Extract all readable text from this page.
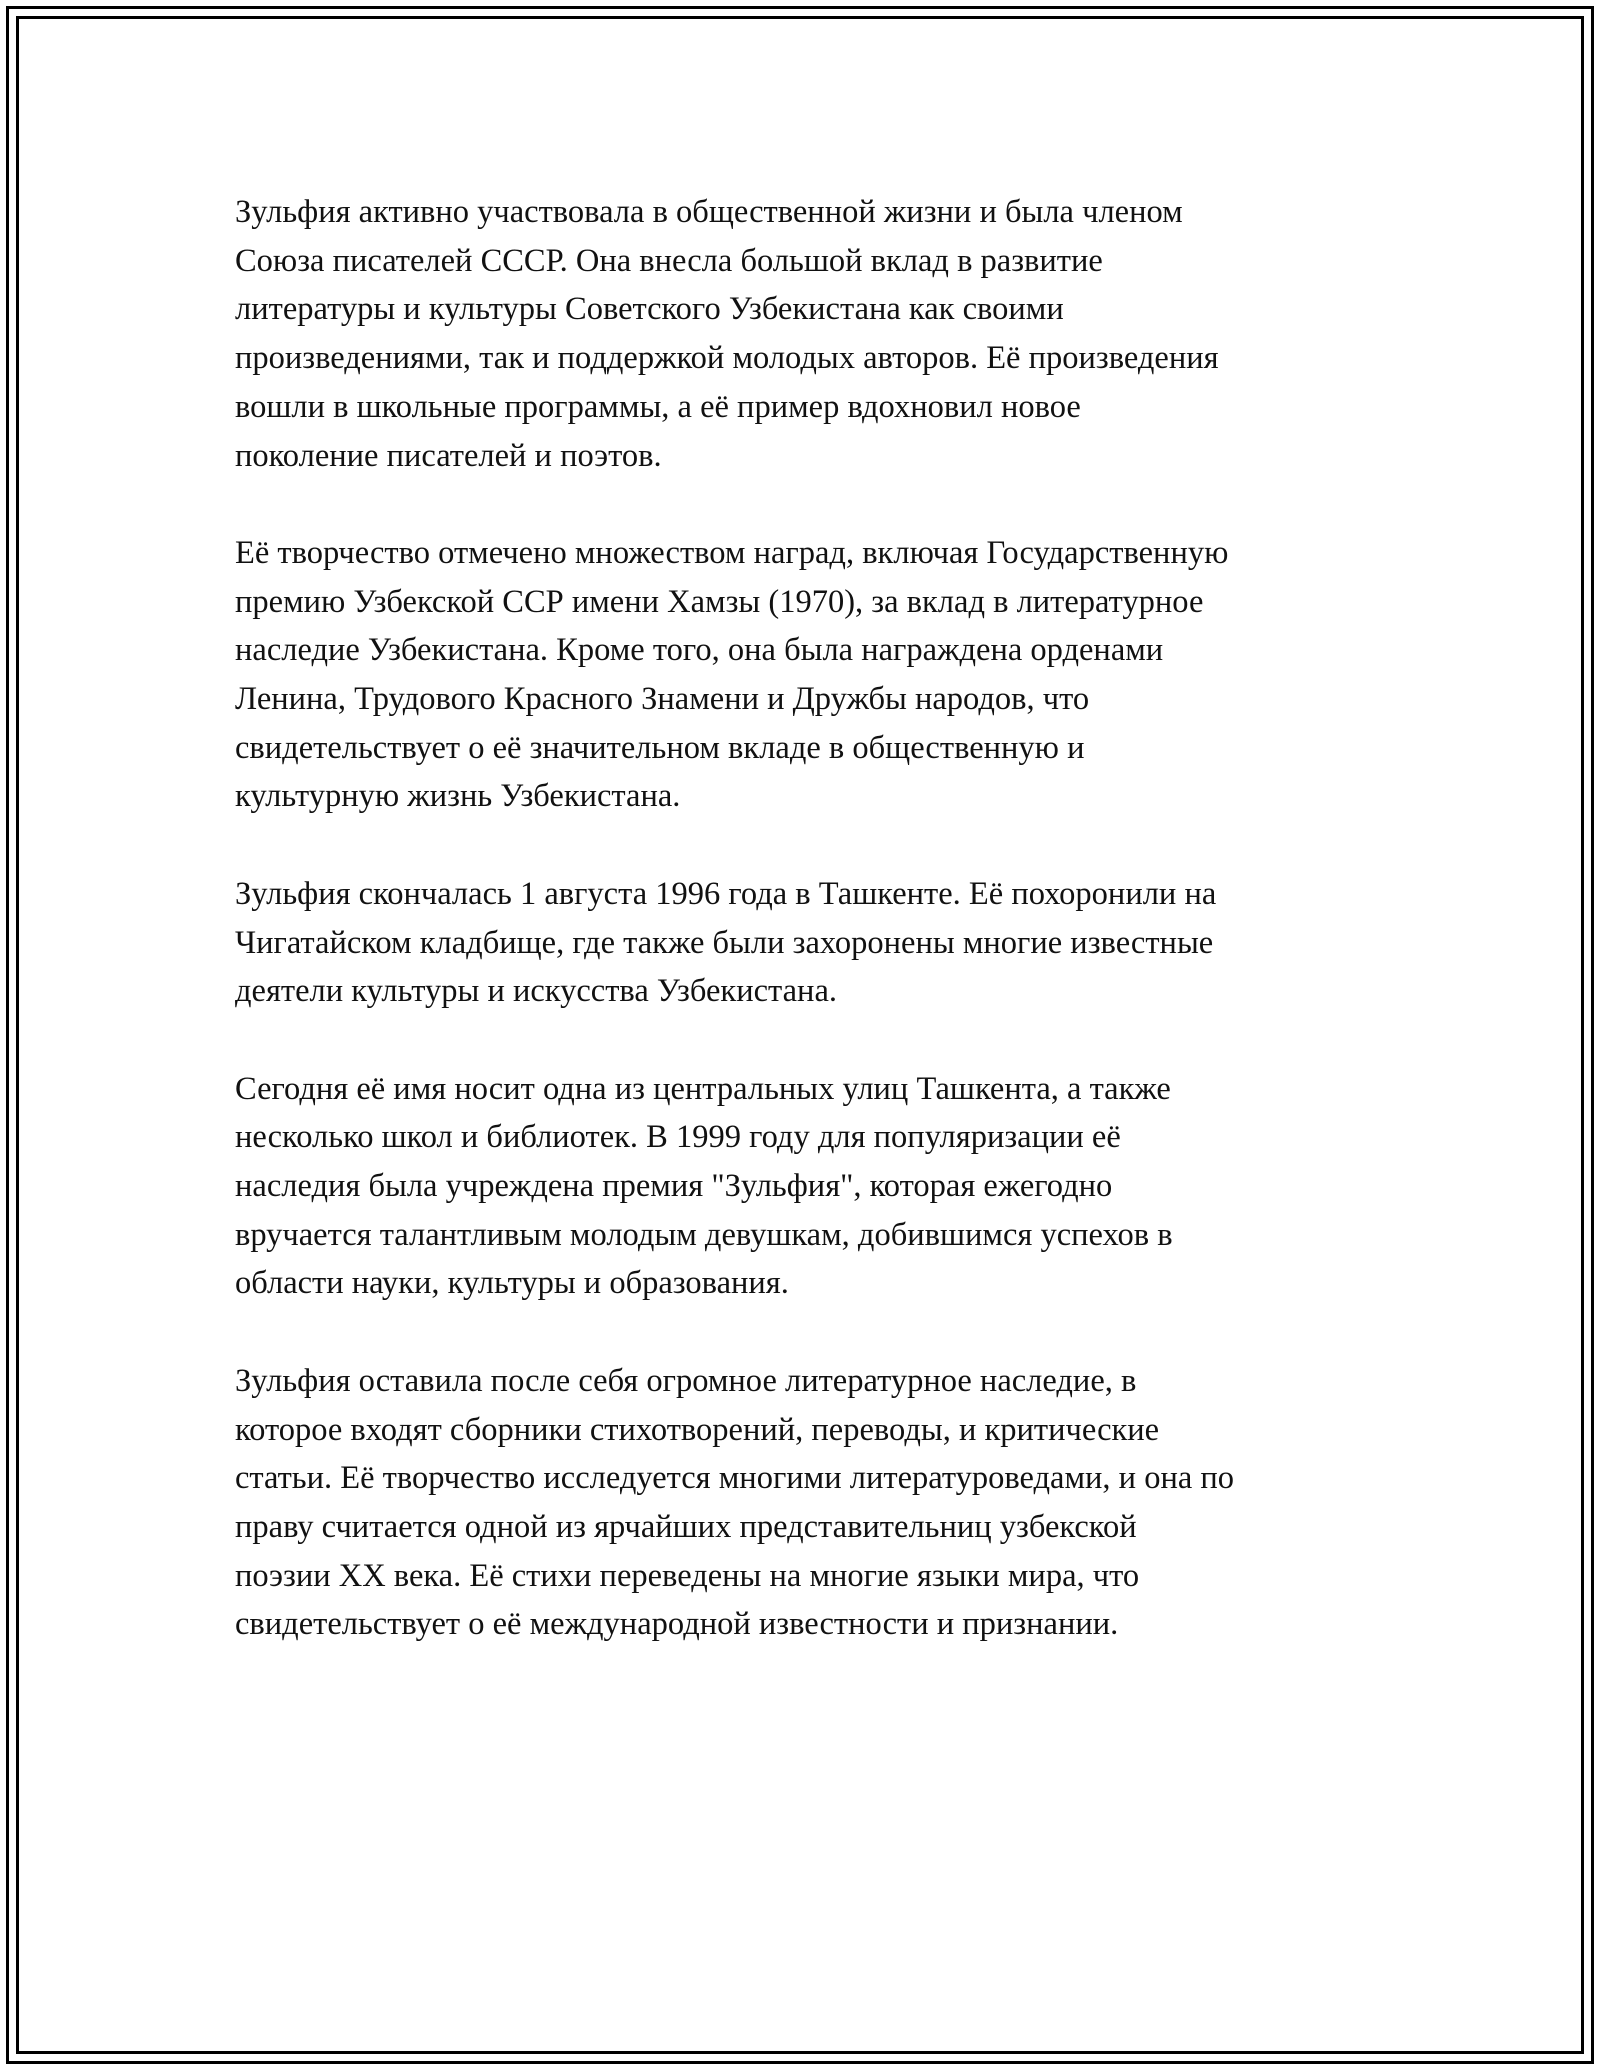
Зульфия активно участвовала в общественной жизни и была членом
Союза писателей СССР. Она внесла большой вклад в развитие
литературы и культуры Советского Узбекистана как своими
произведениями, так и поддержкой молодых авторов. Её произведения
вошли в школьные программы, а её пример вдохновил новое
поколение писателей и поэтов.

Её творчество отмечено множеством наград, включая Государственную
премию Узбекской ССР имени Хамзы (1970), за вклад в литературное
наследие Узбекистана. Кроме того, она была награждена орденами
Ленина, Трудового Красного Знамени и Дружбы народов, что
свидетельствует о её значительном вкладе в общественную и
культурную жизнь Узбекистана.

Зульфия скончалась 1 августа 1996 года в Ташкенте. Её похоронили на
Чигатайском кладбище, где также были захоронены многие известные
деятели культуры и искусства Узбекистана.

Сегодня её имя носит одна из центральных улиц Ташкента, а также
несколько школ и библиотек. В 1999 году для популяризации её
наследия была учреждена премия "Зульфия", которая ежегодно
вручается талантливым молодым девушкам, добившимся успехов в
области науки, культуры и образования.

Зульфия оставила после себя огромное литературное наследие, в
которое входят сборники стихотворений, переводы, и критические
статьи. Её творчество исследуется многими литературоведами, и она по
праву считается одной из ярчайших представительниц узбекской
поэзии XX века. Её стихи переведены на многие языки мира, что
свидетельствует о её международной известности и признании.
